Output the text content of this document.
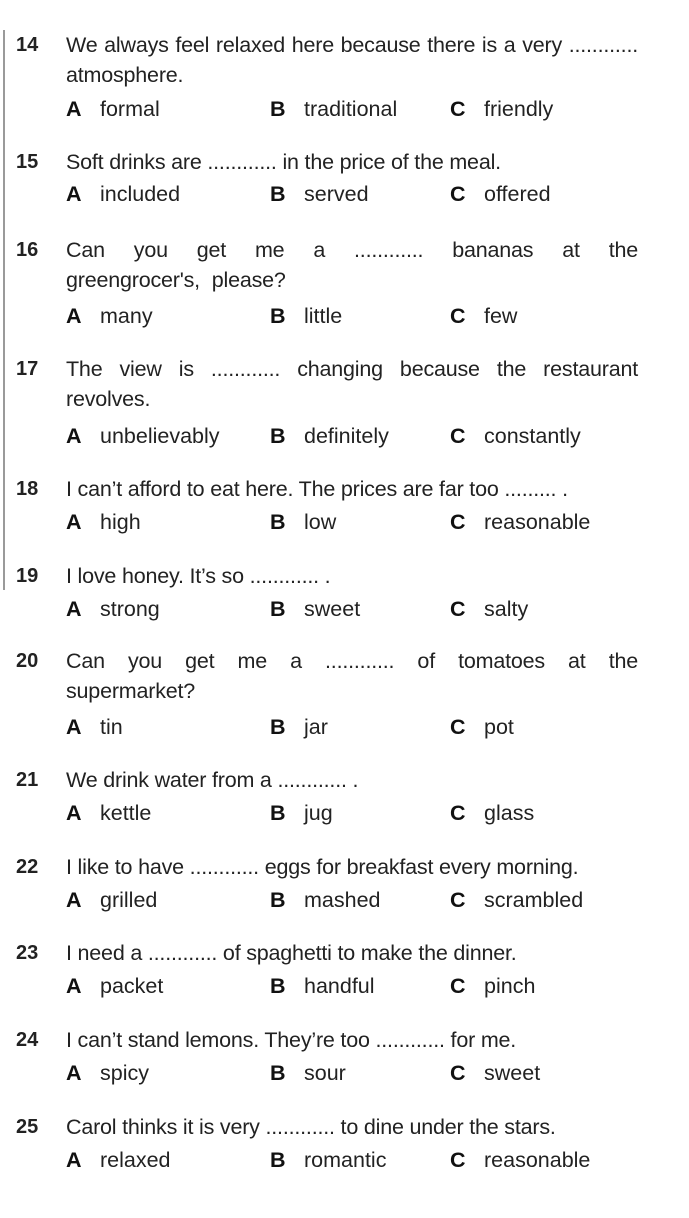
14 We always feel relaxed here because there is a very ............ atmosphere.
A formal	B traditional C friendly
15 Soft drinks are ............ in the price of the meal.
A included	B served	C offered
16 Can you get me a ............ bananas at the greengrocer's, please?
A many	B little	C few
17 The view is ............ changing because the restaurant revolves.
A unbelievably B definitely	C constantly
18 I can’t afford to eat here. The prices are far too ......... .
A high	B low	C reasonable
19 I love honey. It’s so ............ .
A strong	B sweet	C salty
20 Can you get me a ............ of tomatoes at the supermarket?
A tin	B jar	C pot
21 We drink water from a ............ .
A kettle	B jug	C glass
22 I like to have ............ eggs for breakfast every morning.
A grilled	B mashed	C scrambled
23 I need a ............ of spaghetti to make the dinner.
A packet	B handful	C pinch
24 I can’t stand lemons. They’re too ............ for me.
A spicy	B sour	C sweet
25 Carol thinks it is very ............ to dine under the stars.
A relaxed	B romantic	C reasonable
